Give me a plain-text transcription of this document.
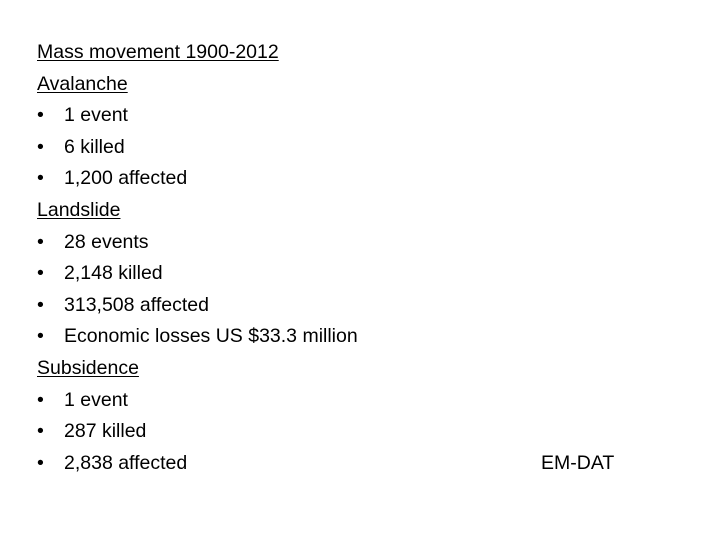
Mass movement 1900-2012
Avalanche
• 1 event
• 6 killed
• 1,200 affected
Landslide
• 28 events
• 2,148 killed
• 313,508 affected
• Economic losses US $33.3 million
Subsidence
• 1 event
• 287 killed
• 2,838 affected	EM-DAT
